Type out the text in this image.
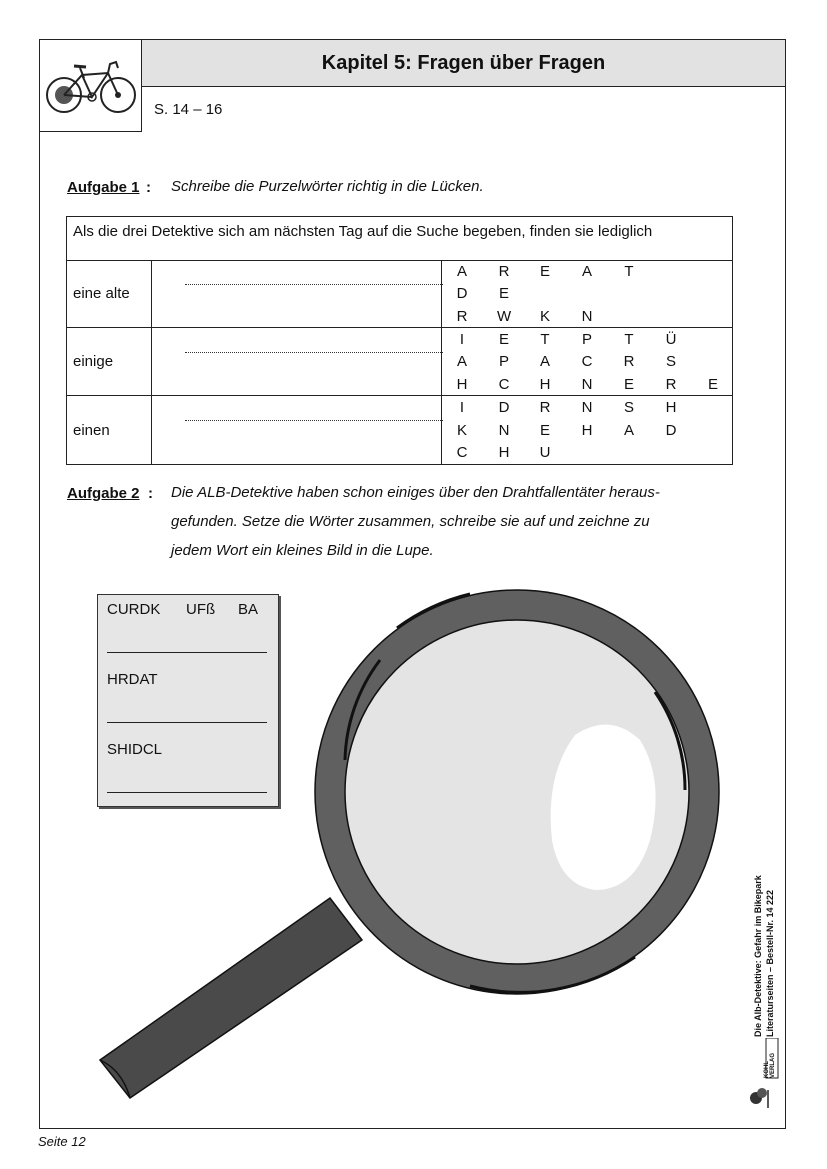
Kapitel 5: Fragen über Fragen
S. 14 – 16
Aufgabe 1 : Schreibe die Purzelwörter richtig in die Lücken.
Als die drei Detektive sich am nächsten Tag auf die Suche begeben, finden sie lediglich
eine alte
A R E A T
D E
R W K N
einige
I	E T P T Ü
A P A C R S
H C H N E R E
einen
I	D R N S H
K N E H A D
C H U
Aufgabe 2 : Die ALB-Detektive haben schon einiges über den Drahtfallentäter heraus-
gefunden. Setze die Wörter zusammen, schreibe sie auf und zeichne zu
jedem Wort ein kleines Bild in die Lupe.
CURDK UFß BA
HRDAT
SHIDCL
Die Alb-Detektive: Gefahr im Bikepark Literaturseiten – Bestell-Nr. 14 222
KOHL VERLAG
Seite 12
